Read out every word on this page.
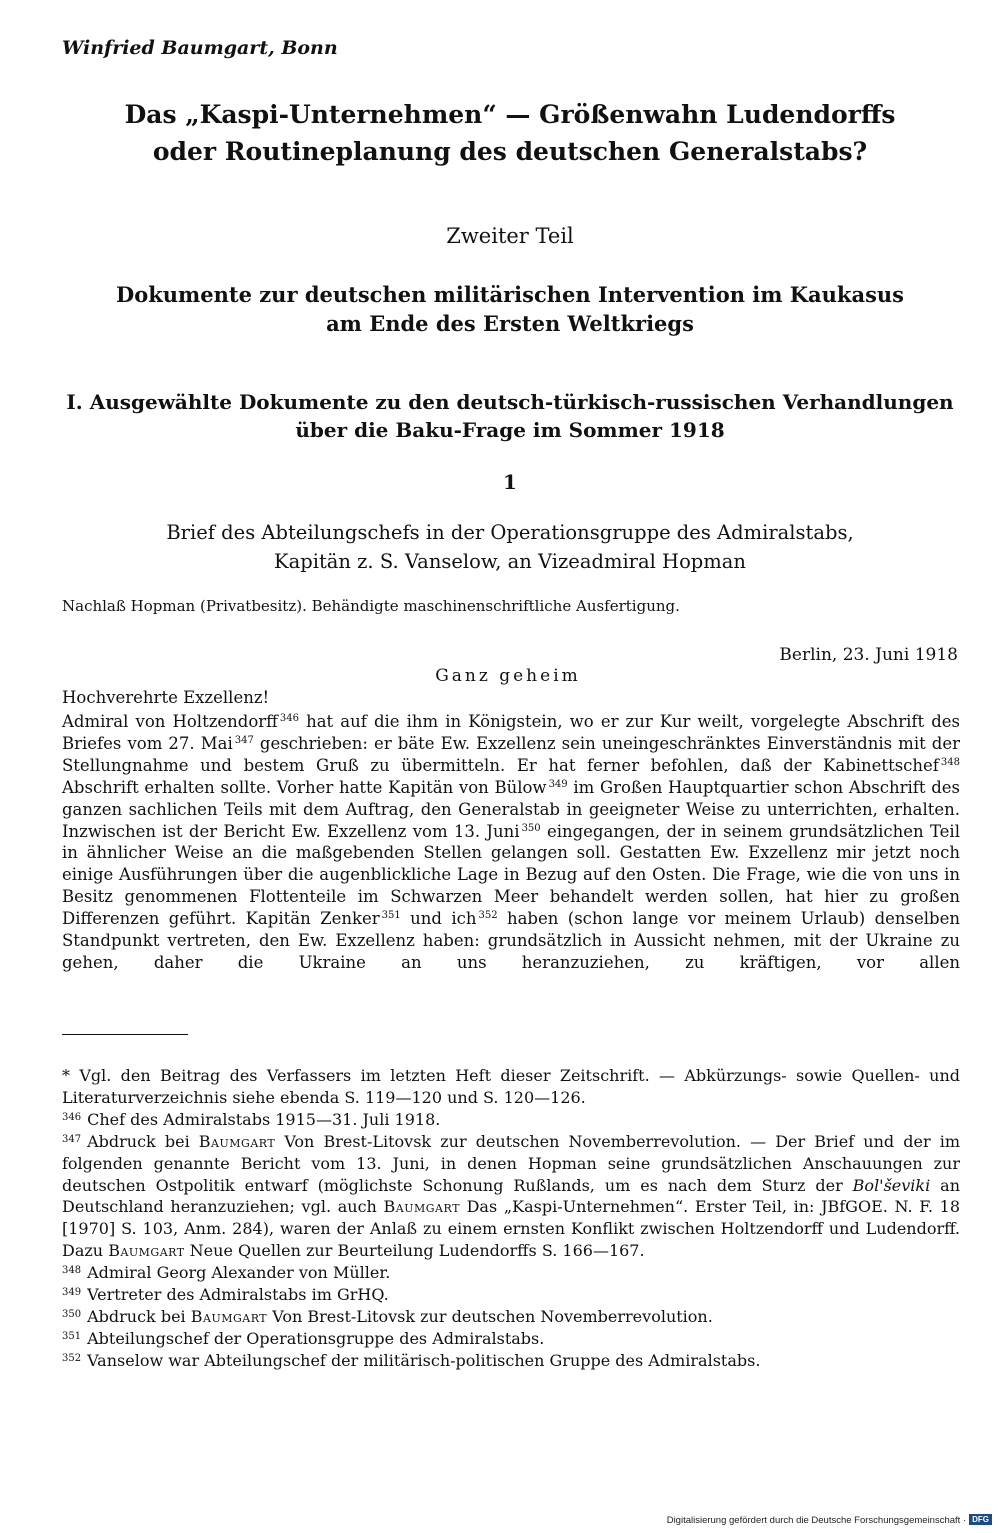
Winfried Baumgart, Bonn
Das „Kaspi-Unternehmen“ — Größenwahn Ludendorffs
oder Routineplanung des deutschen Generalstabs?
Zweiter Teil
Dokumente zur deutschen militärischen Intervention im Kaukasus
am Ende des Ersten Weltkriegs
I. Ausgewählte Dokumente zu den deutsch-türkisch-russischen Verhandlungen
über die Baku-Frage im Sommer 1918
1
Brief des Abteilungschefs in der Operationsgruppe des Admiralstabs,
Kapitän z. S. Vanselow, an Vizeadmiral Hopman
Nachlaß Hopman (Privatbesitz). Behändigte maschinenschriftliche Ausfertigung.
Berlin, 23. Juni 1918
Ganz geheim
Hochverehrte Exzellenz!
Admiral von Holtzendorff $^{346}$ hat auf die ihm in Königstein, wo er zur Kur weilt, vorgelegte Abschrift des Briefes vom 27. Mai $^{347}$ geschrieben: er bäte Ew. Exzellenz sein uneingeschränktes Einverständnis mit der Stellungnahme und bestem Gruß zu übermitteln. Er hat ferner befohlen, daß der Kabinettschef $^{348}$ Abschrift erhalten sollte. Vorher hatte Kapitän von Bülow $^{349}$ im Großen Hauptquartier schon Abschrift des ganzen sachlichen Teils mit dem Auftrag, den Generalstab in geeigneter Weise zu unterrichten, erhalten. Inzwischen ist der Bericht Ew. Exzellenz vom 13. Juni $^{350}$ eingegangen, der in seinem grundsätzlichen Teil in ähnlicher Weise an die maßgebenden Stellen gelangen soll. Gestatten Ew. Exzellenz mir jetzt noch einige Ausführungen über die augenblickliche Lage in Bezug auf den Osten. Die Frage, wie die von uns in Besitz genommenen Flottenteile im Schwarzen Meer behandelt werden sollen, hat hier zu großen Differenzen geführt. Kapitän Zenker $^{351}$ und ich $^{352}$ haben (schon lange vor meinem Urlaub) denselben Standpunkt vertreten, den Ew. Exzellenz haben: grundsätzlich in Aussicht nehmen, mit der Ukraine zu gehen, daher die Ukraine an uns heranzuziehen, zu kräftigen, vor allen

* Vgl. den Beitrag des Verfassers im letzten Heft dieser Zeitschrift. — Abkürzungs- sowie Quellen- und Literaturverzeichnis siehe ebenda S. 119—120 und S. 120—126.

$^{346}$ Chef des Admiralstabs 1915—31. Juli 1918.

$^{347}$ Abdruck bei Baumgart Von Brest-Litovsk zur deutschen Novemberrevolution. — Der Brief und der im folgenden genannte Bericht vom 13. Juni, in denen Hopman seine grundsätzlichen Anschauungen zur deutschen Ostpolitik entwarf (möglichste Schonung Rußlands, um es nach dem Sturz der Bol'ševiki an Deutschland heranzuziehen; vgl. auch Baumgart Das „Kaspi-Unternehmen“. Erster Teil, in: JBfGOE. N. F. 18 [1970] S. 103, Anm. 284), waren der Anlaß zu einem ernsten Konflikt zwischen Holtzendorff und Ludendorff. Dazu Baumgart Neue Quellen zur Beurteilung Ludendorffs S. 166—167.

$^{348}$ Admiral Georg Alexander von Müller.

$^{349}$ Vertreter des Admiralstabs im GrHQ.

$^{350}$ Abdruck bei Baumgart Von Brest-Litovsk zur deutschen Novemberrevolution.

$^{351}$ Abteilungschef der Operationsgruppe des Admiralstabs.

$^{352}$ Vanselow war Abteilungschef der militärisch-politischen Gruppe des Admiralstabs.

Digitalisierung gefördert durch die Deutsche Forschungsgemeinschaft · DFG
